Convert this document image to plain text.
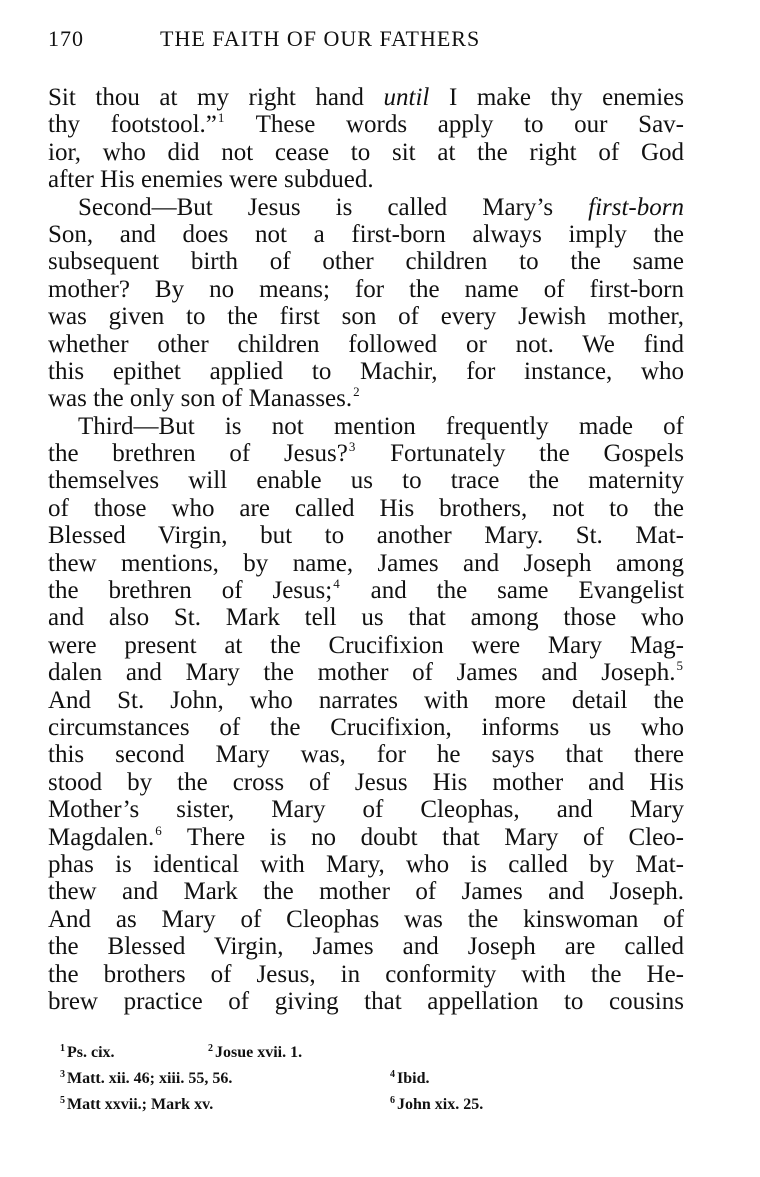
170	THE FAITH OF OUR FATHERS
Sit thou at my right hand until I make thy enemies
thy footstool.”$^1$ These words apply to our Sav-
ior, who did not cease to sit at the right of God
after His enemies were subdued.
Second—But Jesus is called Mary’s first-born
Son, and does not a first-born always imply the
subsequent birth of other children to the same
mother? By no means; for the name of first-born
was given to the first son of every Jewish mother,
whether other children followed or not. We find
this epithet applied to Machir, for instance, who
was the only son of Manasses.$^2$
Third—But is not mention frequently made of
the brethren of Jesus?$^3$ Fortunately the Gospels
themselves will enable us to trace the maternity
of those who are called His brothers, not to the
Blessed Virgin, but to another Mary. St. Mat-
thew mentions, by name, James and Joseph among
the brethren of Jesus;$^4$ and the same Evangelist
and also St. Mark tell us that among those who
were present at the Crucifixion were Mary Mag-
dalen and Mary the mother of James and Joseph.$^5$
And St. John, who narrates with more detail the
circumstances of the Crucifixion, informs us who
this second Mary was, for he says that there
stood by the cross of Jesus His mother and His
Mother’s sister, Mary of Cleophas, and Mary
Magdalen.$^6$ There is no doubt that Mary of Cleo-
phas is identical with Mary, who is called by Mat-
thew and Mark the mother of James and Joseph.
And as Mary of Cleophas was the kinswoman of
the Blessed Virgin, James and Joseph are called
the brothers of Jesus, in conformity with the He-
brew practice of giving that appellation to cousins
$^1$ Ps. cix.	$^2$ Josue xvii. 1.
$^3$ Matt. xii. 46; xiii. 55, 56.	$^4$ Ibid.
$^5$ Matt xxvii.; Mark xv.	$^6$ John xix. 25.
